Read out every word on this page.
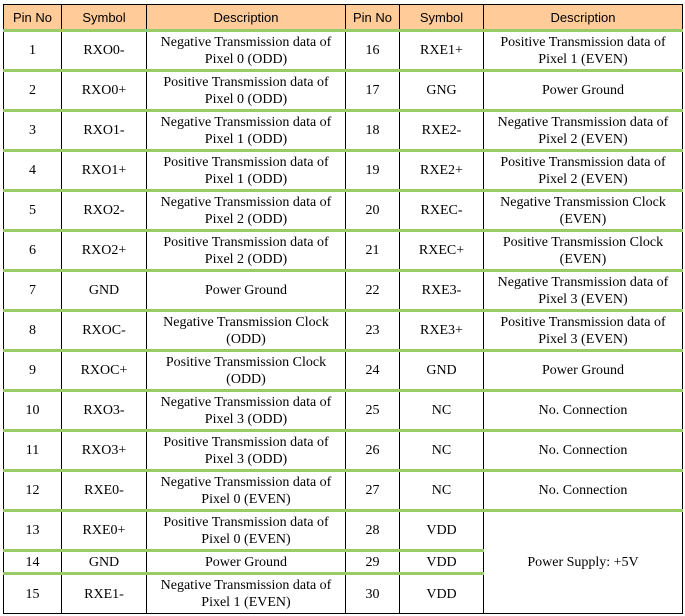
Pin No	Symbol	Description	Pin No	Symbol	Description
1	RXO0-	Negative Transmission data of Pixel 0 (ODD)	16	RXE1+	Positive Transmission data of Pixel 1 (EVEN)
2	RXO0+	Positive Transmission data of Pixel 0 (ODD)	17	GNG	Power Ground
3	RXO1-	Negative Transmission data of Pixel 1 (ODD)	18	RXE2-	Negative Transmission data of Pixel 2 (EVEN)
4	RXO1+	Positive Transmission data of Pixel 1 (ODD)	19	RXE2+	Positive Transmission data of Pixel 2 (EVEN)
5	RXO2-	Negative Transmission data of Pixel 2 (ODD)	20	RXEC-	Negative Transmission Clock (EVEN)
6	RXO2+	Positive Transmission data of Pixel 2 (ODD)	21	RXEC+	Positive Transmission Clock (EVEN)
7	GND	Power Ground	22	RXE3-	Negative Transmission data of Pixel 3 (EVEN)
8	RXOC-	Negative Transmission Clock (ODD)	23	RXE3+	Positive Transmission data of Pixel 3 (EVEN)
9	RXOC+	Positive Transmission Clock (ODD)	24	GND	Power Ground
10	RXO3-	Negative Transmission data of Pixel 3 (ODD)	25	NC	No. Connection
11	RXO3+	Positive Transmission data of Pixel 3 (ODD)	26	NC	No. Connection
12	RXE0-	Negative Transmission data of Pixel 0 (EVEN)	27	NC	No. Connection
13	RXE0+	Positive Transmission data of Pixel 0 (EVEN)	28	VDD	Power Supply: +5V
14	GND	Power Ground	29	VDD	
15	RXE1-	Negative Transmission data of Pixel 1 (EVEN)	30	VDD	
